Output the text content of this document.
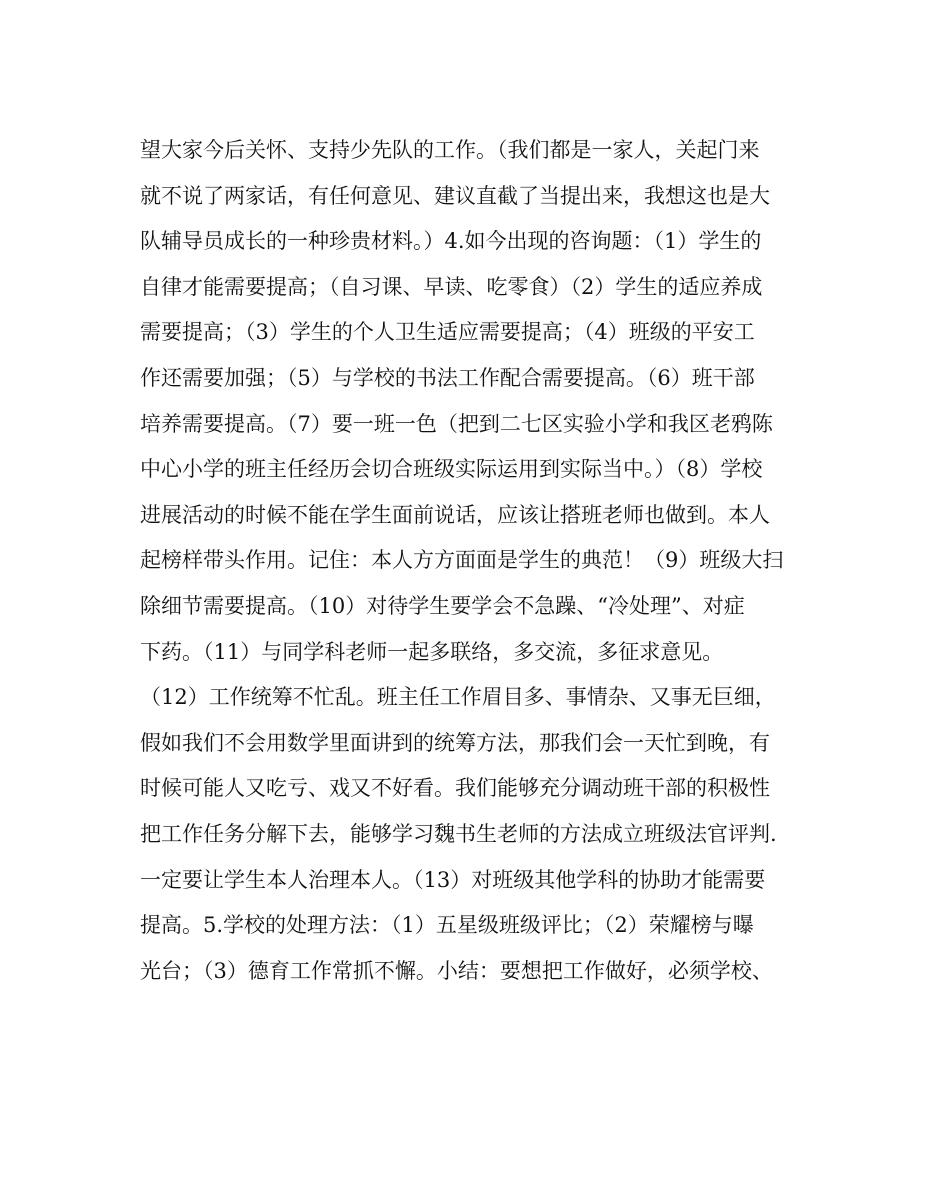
望大家今后关怀、支持少先队的工作。（我们都是一家人，关起门来
就不说了两家话，有任何意见、建议直截了当提出来，我想这也是大
队辅导员成长的一种珍贵材料。）4.如今出现的咨询题：（1）学生的
自律才能需要提高；（自习课、早读、吃零食）（2）学生的适应养成
需要提高；（3）学生的个人卫生适应需要提高；（4）班级的平安工
作还需要加强；（5）与学校的书法工作配合需要提高。（6）班干部
培养需要提高。（7）要一班一色（把到二七区实验小学和我区老鸦陈
中心小学的班主任经历会切合班级实际运用到实际当中。）（8）学校
进展活动的时候不能在学生面前说话，应该让搭班老师也做到。本人
起榜样带头作用。记住：本人方方面面是学生的典范！（9）班级大扫
除细节需要提高。（10）对待学生要学会不急躁、“冷处理”、对症
下药。（11）与同学科老师一起多联络，多交流，多征求意见。
（12）工作统筹不忙乱。班主任工作眉目多、事情杂、又事无巨细，
假如我们不会用数学里面讲到的统筹方法，那我们会一天忙到晚，有
时候可能人又吃亏、戏又不好看。我们能够充分调动班干部的积极性
把工作任务分解下去，能够学习魏书生老师的方法成立班级法官评判.
一定要让学生本人治理本人。（13）对班级其他学科的协助才能需要
提高。5.学校的处理方法：（1）五星级班级评比；（2）荣耀榜与曝
光台；（3）德育工作常抓不懈。小结：要想把工作做好，必须学校、
